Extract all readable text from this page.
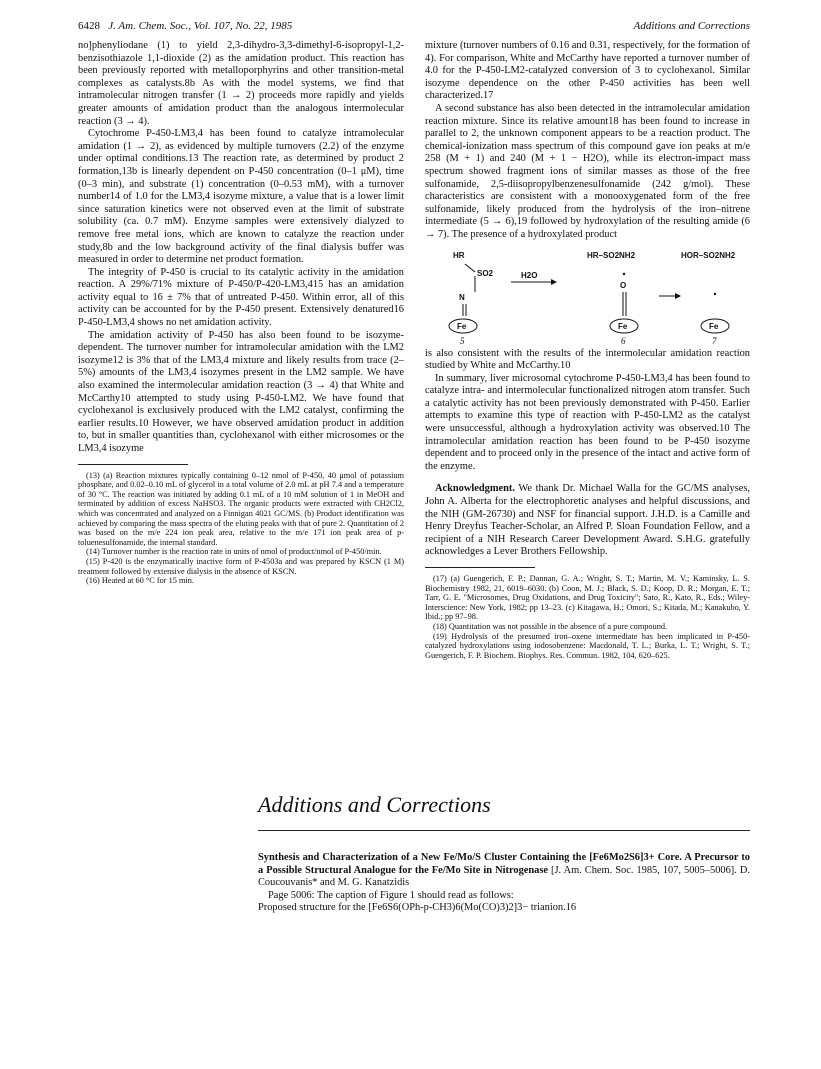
6428 J. Am. Chem. Soc., Vol. 107, No. 22, 1985	Additions and Corrections

no]phenyliodane (1) to yield 2,3-dihydro-3,3-dimethyl-6-isopropyl-1,2-benzisothiazole 1,1-dioxide (2) as the amidation product. This reaction has been previously reported with metalloporphyrins and other transition-metal complexes as catalysts.8b As with the model systems, we find that intramolecular nitrogen transfer (1 → 2) proceeds more rapidly and yields greater amounts of amidation product than the analogous intermolecular reaction (3 → 4).

Cytochrome P-450-LM3,4 has been found to catalyze intramolecular amidation (1 → 2), as evidenced by multiple turnovers (2.2) of the enzyme under optimal conditions.13 The reaction rate, as determined by product 2 formation,13b is linearly dependent on P-450 concentration (0–1 μM), time (0–3 min), and substrate (1) concentration (0–0.53 mM), with a turnover number14 of 1.0 for the LM3,4 isozyme mixture, a value that is a lower limit since saturation kinetics were not observed even at the limit of substrate solubility (ca. 0.7 mM). Enzyme samples were extensively dialyzed to remove free metal ions, which are known to catalyze the reaction under study,8b and the low background activity of the final dialysis buffer was measured in order to determine net product formation.

The integrity of P-450 is crucial to its catalytic activity in the amidation reaction. A 29%/71% mixture of P-450/P-420-LM3,415 has an amidation activity equal to 16 ± 7% that of untreated P-450. Within error, all of this activity can be accounted for by the P-450 present. Extensively denatured16 P-450-LM3,4 shows no net amidation activity.

The amidation activity of P-450 has also been found to be isozyme-dependent. The turnover number for intramolecular amidation with the LM2 isozyme12 is 3% that of the LM3,4 mixture and likely results from trace (2–5%) amounts of the LM3,4 isozymes present in the LM2 sample. We have also examined the intermolecular amidation reaction (3 → 4) that White and McCarthy10 attempted to study using P-450-LM2. We have found that cyclohexanol is exclusively produced with the LM2 catalyst, confirming the earlier results.10 However, we have observed amidation product in addition to, but in smaller quantities than, cyclohexanol with either microsomes or the LM3,4 isozyme

(13) (a) Reaction mixtures typically containing 0–12 nmol of P-450, 40 μmol of potassium phosphate, and 0.02–0.10 mL of glycerol in a total volume of 2.0 mL at pH 7.4 and a temperature of 30 °C. The reaction was initiated by adding 0.1 mL of a 10 mM solution of 1 in MeOH and terminated by addition of excess NaHSO3. The organic products were extracted with CH2Cl2, which was concentrated and analyzed on a Finnigan 4021 GC/MS. (b) Product identification was achieved by comparing the mass spectra of the eluting peaks with that of pure 2. Quantitation of 2 was based on the m/e 224 ion peak area, relative to the m/e 171 ion peak area of p-toluenesulfonamide, the internal standard.

(14) Turnover number is the reaction rate in units of nmol of product/nmol of P-450/min.

(15) P-420 is the enzymatically inactive form of P-4503a and was prepared by KSCN (1 M) treatment followed by extensive dialysis in the absence of KSCN.

(16) Heated at 60 °C for 15 min.

mixture (turnover numbers of 0.16 and 0.31, respectively, for the formation of 4). For comparison, White and McCarthy have reported a turnover number of 4.0 for the P-450-LM2-catalyzed conversion of 3 to cyclohexanol. Similar isozyme dependence on the other P-450 activities has been well characterized.17

A second substance has also been detected in the intramolecular amidation reaction mixture. Since its relative amount18 has been found to increase in parallel to 2, the unknown component appears to be a reaction product. The chemical-ionization mass spectrum of this compound gave ion peaks at m/e 258 (M + 1) and 240 (M + 1 − H2O), while its electron-impact mass spectrum showed fragment ions of similar masses as those of the free sulfonamide, 2,5-diisopropylbenzenesulfonamide (242 g/mol). These characteristics are consistent with a monooxygenated form of the free sulfonamide, likely produced from the hydrolysis of the iron–nitrene intermediate (5 → 6),19 followed by hydroxylation of the resulting amide (6 → 7). The presence of a hydroxylated product

HR
SO2
N
H2O
HR–SO2NH2
O
HOR–SO2NH2
Fe	Fe	Fe
5	6	7

is also consistent with the results of the intermolecular amidation reaction studied by White and McCarthy.10

In summary, liver microsomal cytochrome P-450-LM3,4 has been found to catalyze intra- and intermolecular functionalized nitrogen atom transfer. Such a catalytic activity has not been previously demonstrated with P-450. Earlier attempts to examine this type of reaction with P-450-LM2 as the catalyst were unsuccessful, although a hydroxylation activity was observed.10 The intramolecular amidation reaction has been found to be P-450 isozyme dependent and to proceed only in the presence of the intact and active form of the enzyme.

Acknowledgment. We thank Dr. Michael Walla for the GC/MS analyses, John A. Alberta for the electrophoretic analyses and helpful discussions, and the NIH (GM-26730) and NSF for financial support. J.H.D. is a Camille and Henry Dreyfus Teacher-Scholar, an Alfred P. Sloan Foundation Fellow, and a recipient of a NIH Research Career Development Award. S.H.G. gratefully acknowledges a Lever Brothers Fellowship.

(17) (a) Guengerich, F. P.; Dannan, G. A.; Wright, S. T.; Martin, M. V.; Kaminsky, L. S. Biochemistry 1982, 21, 6019–6030. (b) Coon, M. J.; Black, S. D.; Koop, D. R.; Morgan, E. T.; Tarr, G. E. "Microsomes, Drug Oxidations, and Drug Toxicity"; Sato, R., Kato, R., Eds.; Wiley-Interscience: New York, 1982; pp 13–23. (c) Kitagawa, H.; Omori, S.; Kitada, M.; Kanakubo, Y. Ibid.; pp 97–98.

(18) Quantitation was not possible in the absence of a pure compound.

(19) Hydrolysis of the presumed iron–oxene intermediate has been implicated in P-450-catalyzed hydroxylations using iodosobenzene: Macdonald, T. L.; Burka, L. T.; Wright, S. T.; Guengerich, F. P. Biochem. Biophys. Res. Commun. 1982, 104, 620–625.

Additions and Corrections

Synthesis and Characterization of a New Fe/Mo/S Cluster Containing the [Fe6Mo2S6]3+ Core. A Precursor to a Possible Structural Analogue for the Fe/Mo Site in Nitrogenase [J. Am. Chem. Soc. 1985, 107, 5005–5006]. D. Coucouvanis* and M. G. Kanatzidis

Page 5006: The caption of Figure 1 should read as follows:

Proposed structure for the [Fe6S6(OPh-p-CH3)6(Mo(CO)3)2]3− trianion.16
